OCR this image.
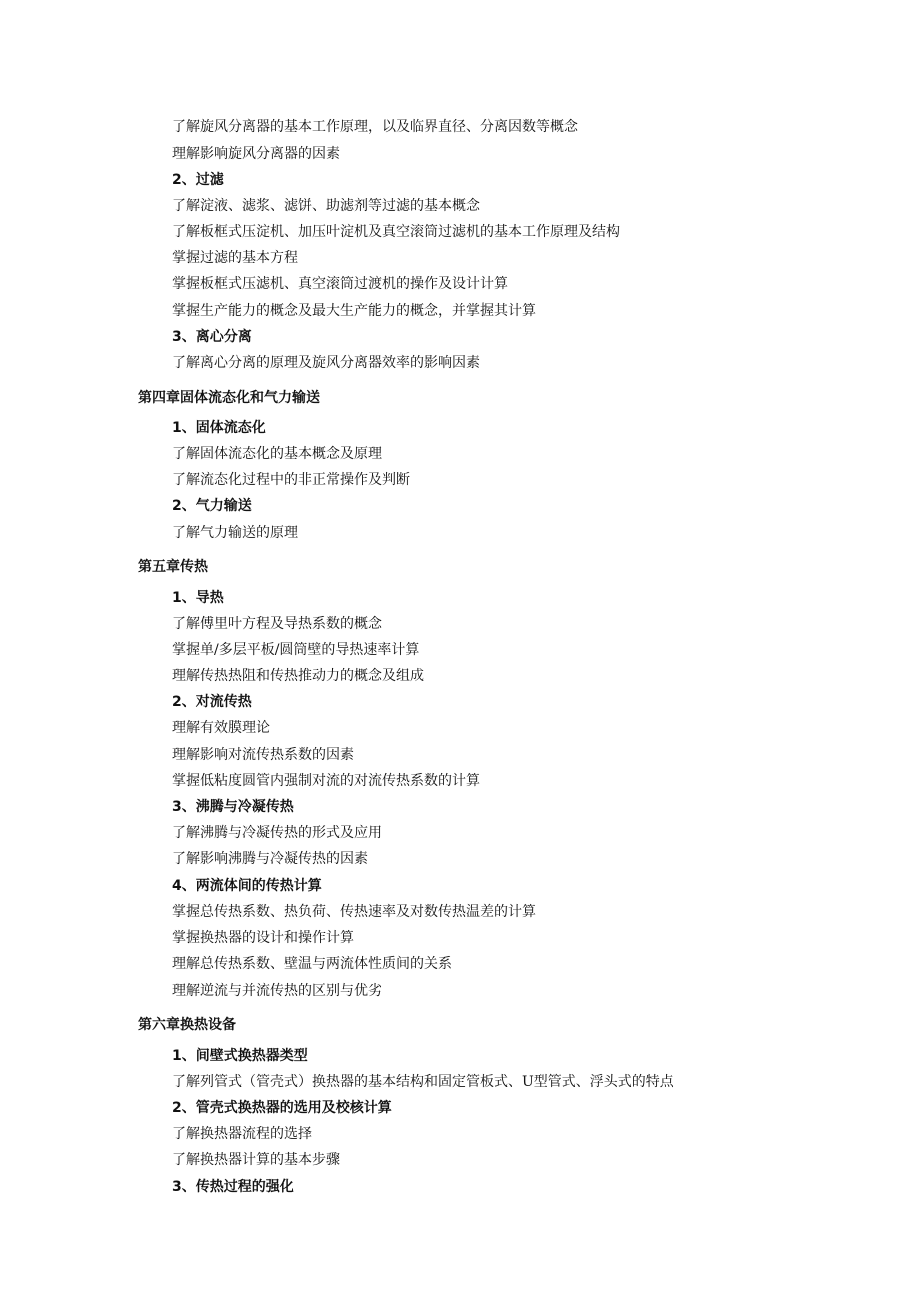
了解旋风分离器的基本工作原理，以及临界直径、分离因数等概念
理解影响旋风分离器的因素
2、过滤
了解淀液、滤浆、滤饼、助滤剂等过滤的基本概念
了解板框式压淀机、加压叶淀机及真空滚筒过滤机的基本工作原理及结构
掌握过滤的基本方程
掌握板框式压滤机、真空滚筒过渡机的操作及设计计算
掌握生产能力的概念及最大生产能力的概念，并掌握其计算
3、离心分离
了解离心分离的原理及旋风分离器效率的影响因素
第四章固体流态化和气力输送
1、固体流态化
了解固体流态化的基本概念及原理
了解流态化过程中的非正常操作及判断
2、气力输送
了解气力输送的原理
第五章传热
1、导热
了解傅里叶方程及导热系数的概念
掌握单/多层平板/圆筒壁的导热速率计算
理解传热热阻和传热推动力的概念及组成
2、对流传热
理解有效膜理论
理解影响对流传热系数的因素
掌握低粘度圆管内强制对流的对流传热系数的计算
3、沸腾与冷凝传热
了解沸腾与冷凝传热的形式及应用
了解影响沸腾与冷凝传热的因素
4、两流体间的传热计算
掌握总传热系数、热负荷、传热速率及对数传热温差的计算
掌握换热器的设计和操作计算
理解总传热系数、壁温与两流体性质间的关系
理解逆流与并流传热的区别与优劣
第六章换热设备
1、间壁式换热器类型
了解列管式（管壳式）换热器的基本结构和固定管板式、U型管式、浮头式的特点
2、管壳式换热器的选用及校核计算
了解换热器流程的选择
了解换热器计算的基本步骤
3、传热过程的强化
